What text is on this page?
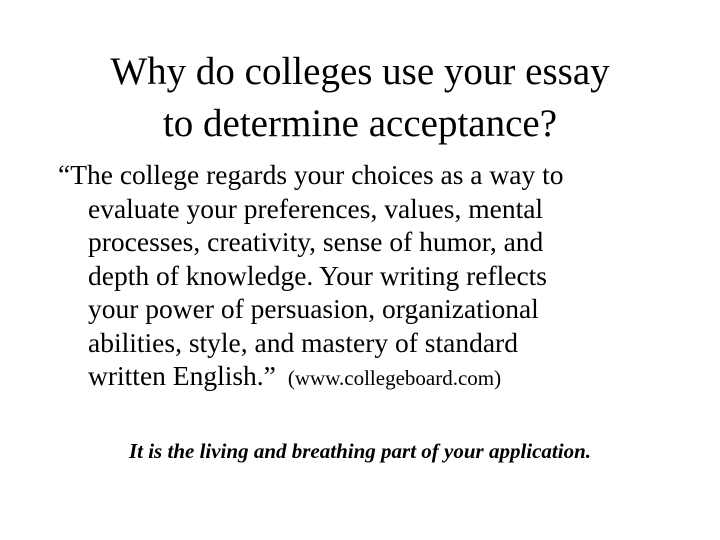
Why do colleges use your essay
to determine acceptance?
“The college regards your choices as a way to
evaluate your preferences, values, mental
processes, creativity, sense of humor, and
depth of knowledge. Your writing reflects
your power of persuasion, organizational
abilities, style, and mastery of standard
written English.” (www.collegeboard.com)
It is the living and breathing part of your application.
